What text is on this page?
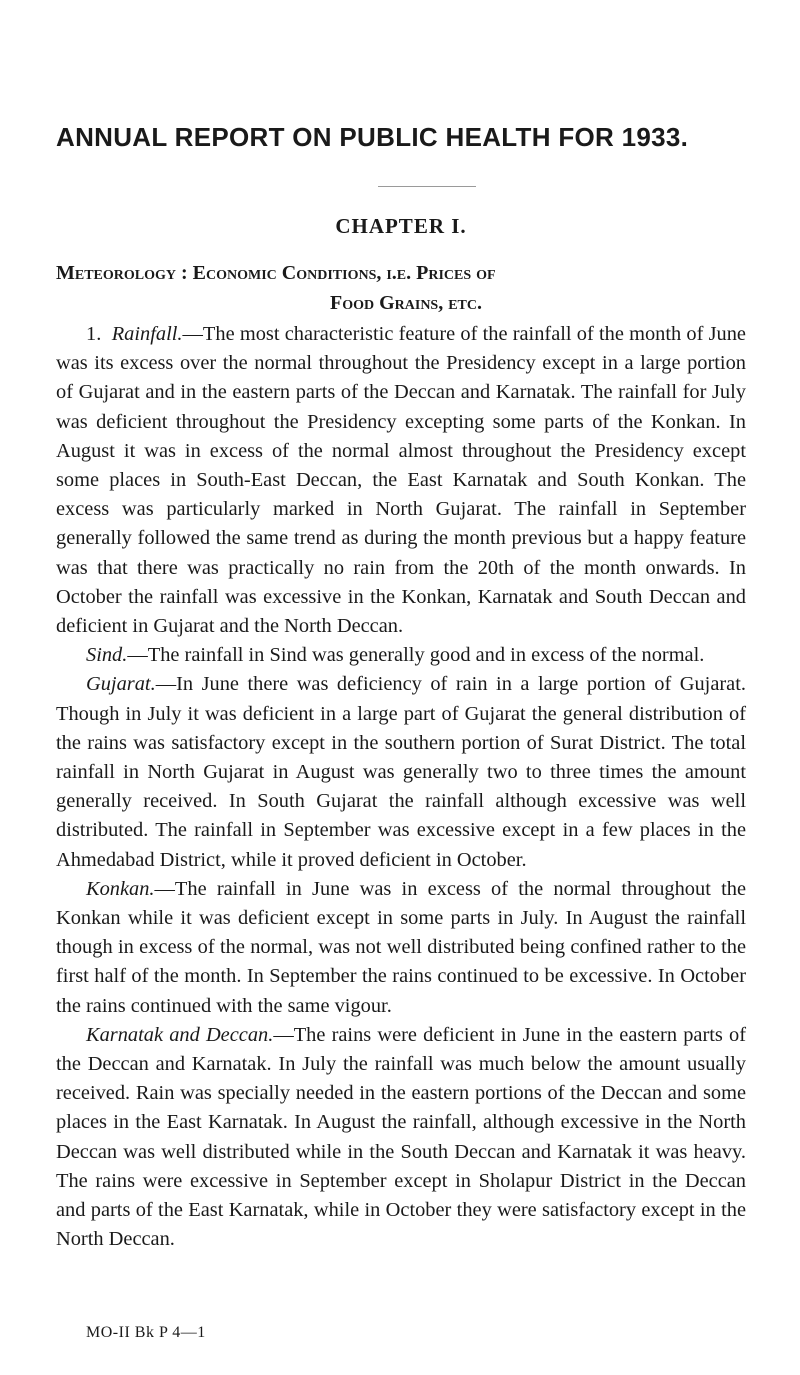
ANNUAL REPORT ON PUBLIC HEALTH FOR 1933.
CHAPTER I.
Meteorology : Economic Conditions, i.e. Prices of
Food Grains, etc.

1. Rainfall.—The most characteristic feature of the rainfall of the month of June was its excess over the normal throughout the Presidency except in a large portion of Gujarat and in the eastern parts of the Deccan and Karnatak. The rainfall for July was deficient throughout the Presidency excepting some parts of the Konkan. In August it was in excess of the normal almost throughout the Presidency except some places in South-East Deccan, the East Karnatak and South Konkan. The excess was particularly marked in North Gujarat. The rainfall in September generally followed the same trend as during the month previous but a happy feature was that there was practically no rain from the 20th of the month onwards. In October the rainfall was excessive in the Konkan, Karnatak and South Deccan and deficient in Gujarat and the North Deccan.

Sind.—The rainfall in Sind was generally good and in excess of the normal.

Gujarat.—In June there was deficiency of rain in a large portion of Gujarat. Though in July it was deficient in a large part of Gujarat the general distribution of the rains was satisfactory except in the southern portion of Surat District. The total rainfall in North Gujarat in August was generally two to three times the amount generally received. In South Gujarat the rainfall although excessive was well distributed. The rainfall in September was excessive except in a few places in the Ahmedabad District, while it proved deficient in October.

Konkan.—The rainfall in June was in excess of the normal throughout the Konkan while it was deficient except in some parts in July. In August the rainfall though in excess of the normal, was not well distributed being confined rather to the first half of the month. In September the rains continued to be excessive. In October the rains continued with the same vigour.

Karnatak and Deccan.—The rains were deficient in June in the eastern parts of the Deccan and Karnatak. In July the rainfall was much below the amount usually received. Rain was specially needed in the eastern portions of the Deccan and some places in the East Karnatak. In August the rainfall, although excessive in the North Deccan was well distributed while in the South Deccan and Karnatak it was heavy. The rains were excessive in September except in Sholapur District in the Deccan and parts of the East Karnatak, while in October they were satisfactory except in the North Deccan.

MO-II Bk P 4—1
